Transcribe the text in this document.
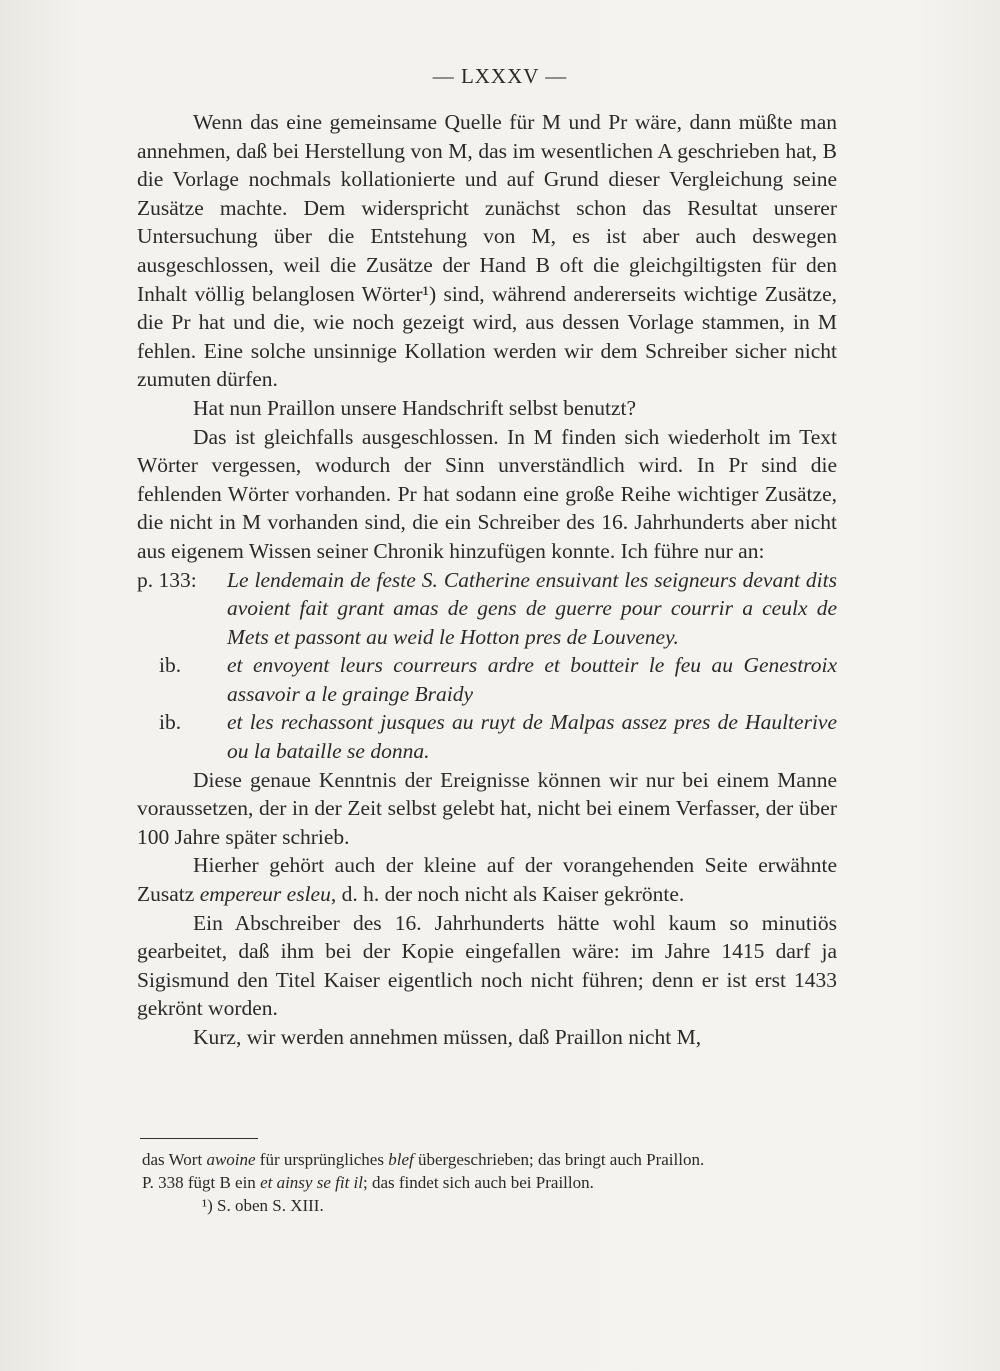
— LXXXV —

Wenn das eine gemeinsame Quelle für M und Pr wäre, dann müßte man annehmen, daß bei Herstellung von M, das im wesentlichen A geschrieben hat, B die Vorlage nochmals kollationierte und auf Grund dieser Vergleichung seine Zusätze machte. Dem widerspricht zunächst schon das Resultat unserer Untersuchung über die Entstehung von M, es ist aber auch deswegen ausgeschlossen, weil die Zusätze der Hand B oft die gleichgiltigsten für den Inhalt völlig belanglosen Wörter¹) sind, während andererseits wichtige Zusätze, die Pr hat und die, wie noch gezeigt wird, aus dessen Vorlage stammen, in M fehlen. Eine solche unsinnige Kollation werden wir dem Schreiber sicher nicht zumuten dürfen.

Hat nun Praillon unsere Handschrift selbst benutzt?

Das ist gleichfalls ausgeschlossen. In M finden sich wiederholt im Text Wörter vergessen, wodurch der Sinn unverständlich wird. In Pr sind die fehlenden Wörter vorhanden. Pr hat sodann eine große Reihe wichtiger Zusätze, die nicht in M vorhanden sind, die ein Schreiber des 16. Jahrhunderts aber nicht aus eigenem Wissen seiner Chronik hinzufügen konnte. Ich führe nur an:

p. 133:	Le lendemain de feste S. Catherine ensuivant les seigneurs devant dits avoient fait grant amas de gens de guerre pour courrir a ceulx de Mets et passont au weid le Hotton pres de Louveney.
ib.	et envoyent leurs courreurs ardre et boutteir le feu au Genestroix assavoir a le grainge Braidy
ib.	et les rechassont jusques au ruyt de Malpas assez pres de Haulterive ou la bataille se donna.

Diese genaue Kenntnis der Ereignisse können wir nur bei einem Manne voraussetzen, der in der Zeit selbst gelebt hat, nicht bei einem Verfasser, der über 100 Jahre später schrieb.

Hierher gehört auch der kleine auf der vorangehenden Seite erwähnte Zusatz empereur esleu, d. h. der noch nicht als Kaiser gekrönte.

Ein Abschreiber des 16. Jahrhunderts hätte wohl kaum so minutiös gearbeitet, daß ihm bei der Kopie eingefallen wäre: im Jahre 1415 darf ja Sigismund den Titel Kaiser eigentlich noch nicht führen; denn er ist erst 1433 gekrönt worden.

Kurz, wir werden annehmen müssen, daß Praillon nicht M,

das Wort awoine für ursprüngliches blef übergeschrieben; das bringt auch Praillon.

P. 338 fügt B ein et ainsy se fit il; das findet sich auch bei Praillon.

¹) S. oben S. XIII.
